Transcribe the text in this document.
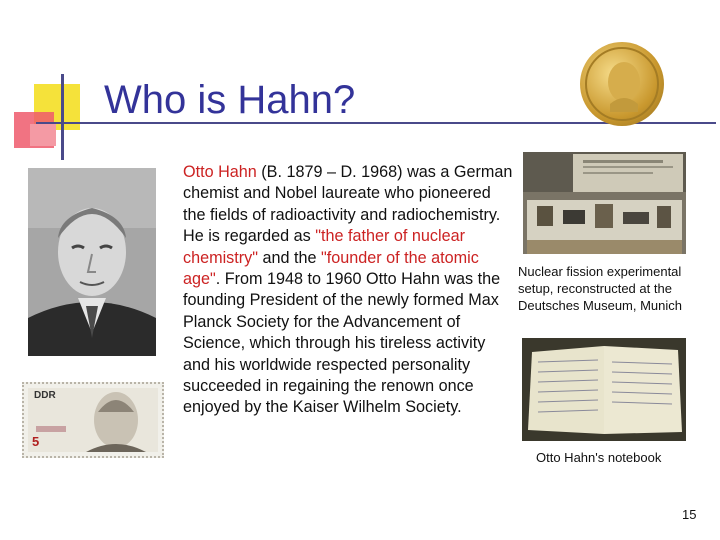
Who is Hahn?
DDR
5
Otto Hahn (B. 1879 – D. 1968) was a German chemist and Nobel laureate who pioneered the fields of radioactivity and radiochemistry. He is regarded as "the father of nuclear chemistry" and the "founder of the atomic age". From 1948 to 1960 Otto Hahn was the founding President of the newly formed Max Planck Society for the Advancement of Science, which through his tireless activity and his worldwide respected personality succeeded in regaining the renown once enjoyed by the Kaiser Wilhelm Society.
Nuclear fission experimental setup, reconstructed at the Deutsches Museum, Munich
Otto Hahn's notebook
15
